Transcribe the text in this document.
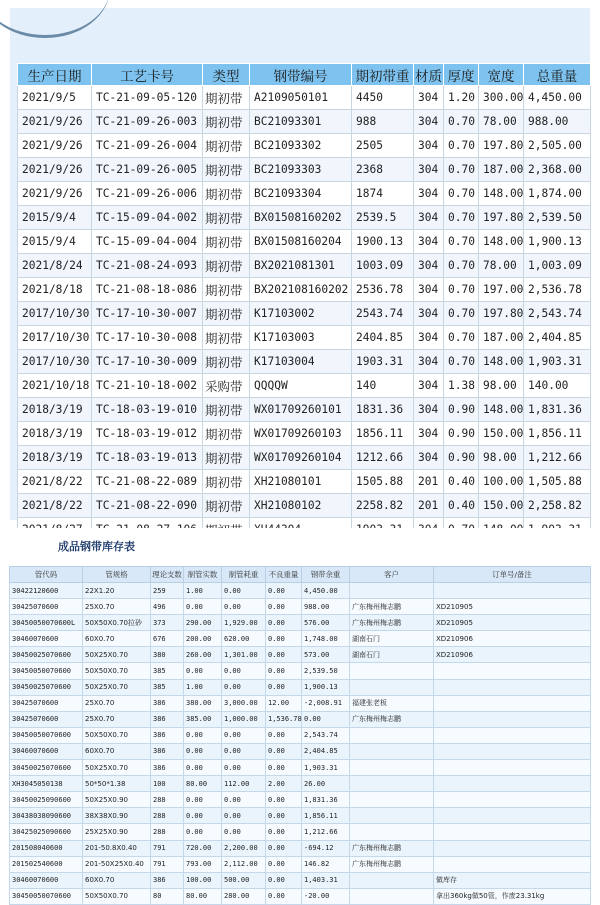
生产日期	工艺卡号	类型	钢带编号	期初带重	材质	厚度	宽度	总重量
2021/9/5	TC-21-09-05-120	期初带	A2109050101	4450	304	1.20	300.00	4,450.00
2021/9/26	TC-21-09-26-003	期初带	BC21093301	988	304	0.70	78.00	988.00
2021/9/26	TC-21-09-26-004	期初带	BC21093302	2505	304	0.70	197.80	2,505.00
2021/9/26	TC-21-09-26-005	期初带	BC21093303	2368	304	0.70	187.00	2,368.00
2021/9/26	TC-21-09-26-006	期初带	BC21093304	1874	304	0.70	148.00	1,874.00
2015/9/4	TC-15-09-04-002	期初带	BX01508160202	2539.5	304	0.70	197.80	2,539.50
2015/9/4	TC-15-09-04-004	期初带	BX01508160204	1900.13	304	0.70	148.00	1,900.13
2021/8/24	TC-21-08-24-093	期初带	BX2021081301	1003.09	304	0.70	78.00	1,003.09
2021/8/18	TC-21-08-18-086	期初带	BX202108160202	2536.78	304	0.70	197.00	2,536.78
2017/10/30	TC-17-10-30-007	期初带	K17103002	2543.74	304	0.70	197.80	2,543.74
2017/10/30	TC-17-10-30-008	期初带	K17103003	2404.85	304	0.70	187.00	2,404.85
2017/10/30	TC-17-10-30-009	期初带	K17103004	1903.31	304	0.70	148.00	1,903.31
2021/10/18	TC-21-10-18-002	采购带	QQQQW	140	304	1.38	98.00	140.00
2018/3/19	TC-18-03-19-010	期初带	WX01709260101	1831.36	304	0.90	148.00	1,831.36
2018/3/19	TC-18-03-19-012	期初带	WX01709260103	1856.11	304	0.90	150.00	1,856.11
2018/3/19	TC-18-03-19-013	期初带	WX01709260104	1212.66	304	0.90	98.00	1,212.66
2021/8/22	TC-21-08-22-089	期初带	XH21080101	1505.88	201	0.40	100.00	1,505.88
2021/8/22	TC-21-08-22-090	期初带	XH21080102	2258.82	201	0.40	150.00	2,258.82

成品钢带库存表
管代码	管规格	理论支数	制管实数	制管耗重	不良重量	钢带余重	客户	订单号/备注
30422120600	22X1.20	259	1.00	0.00	0.00	4,450.00		
30425070600	25X0.70	496	0.00	0.00	0.00	988.00	广东梅州梅志鹏	XD210905
30450050070600L	50X50X0.70拉砂	373	290.00	1,929.00	0.00	576.00	广东梅州梅志鹏	XD210905
30460070600	60X0.70	676	200.00	620.00	0.00	1,748.00	湖南石门	XD210906
30450025070600	50X25X0.70	380	260.00	1,301.00	0.00	573.00	湖南石门	XD210906
30450050070600	50X50X0.70	385	0.00	0.00	0.00	2,539.50		
30450025070600	50X25X0.70	385	1.00	0.00	0.00	1,900.13		
30425070600	25X0.70	386	380.00	3,000.00	12.00	-2,008.91	福建张老板	
30425070600	25X0.70	386	385.00	1,000.00	1,536.78	0.00	广东梅州梅志鹏	
30450050070600	50X50X0.70	386	0.00	0.00	0.00	2,543.74		
30460070600	60X0.70	386	0.00	0.00	0.00	2,404.85		
30450025070600	50X25X0.70	386	0.00	0.00	0.00	1,903.31		
XH3045050138	50*50*1.38	100	80.00	112.00	2.00	26.00		
30450025090600	50X25X0.90	288	0.00	0.00	0.00	1,831.36		
30438038090600	38X38X0.90	288	0.00	0.00	0.00	1,856.11		
30425025090600	25X25X0.90	288	0.00	0.00	0.00	1,212.66		
201508040600	201-50.8X0.40	791	720.00	2,200.00	0.00	-694.12	广东梅州梅志鹏	
201502540600	201-50X25X0.40	791	793.00	2,112.00	0.00	146.82	广东梅州梅志鹏	
30460070600	60X0.70	386	100.00	500.00	0.00	1,403.31		做库存
30450050070600	50X50X0.70	80	80.00	280.00	0.00	-20.00		拿出360kg做50管，作废23.31kg
